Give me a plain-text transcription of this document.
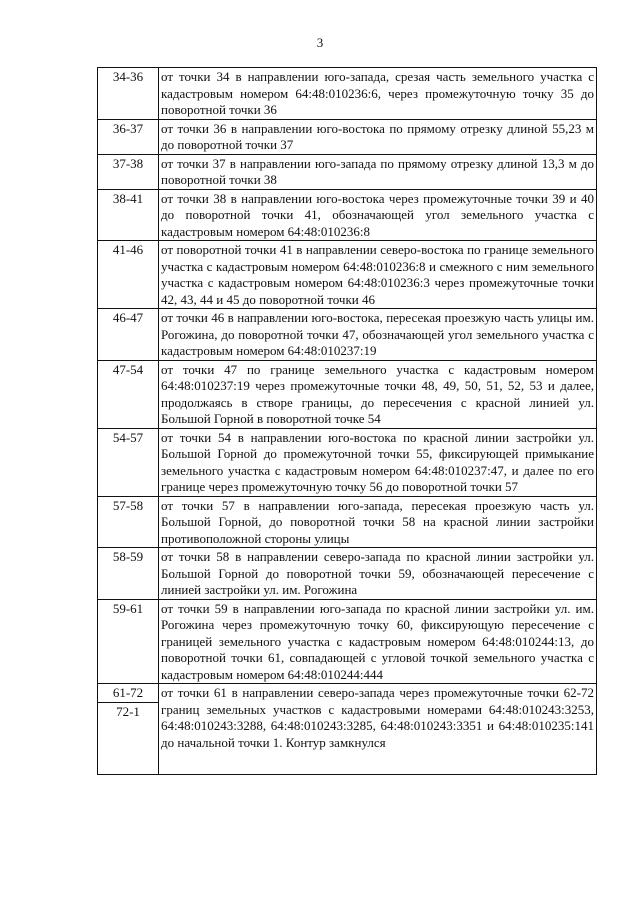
3
34-36	от точки 34 в направлении юго-запада, срезая часть земельного участка с кадастровым номером 64:48:010236:6, через промежуточную точку 35 до поворотной точки 36
36-37	от точки 36 в направлении юго-востока по прямому отрезку длиной 55,23 м до поворотной точки 37
37-38	от точки 37 в направлении юго-запада по прямому отрезку длиной 13,3 м до поворотной точки 38
38-41	от точки 38 в направлении юго-востока через промежуточные точки 39 и 40 до поворотной точки 41, обозначающей угол земельного участка с кадастровым номером 64:48:010236:8
41-46	от поворотной точки 41 в направлении северо-востока по границе земельного участка с кадастровым номером 64:48:010236:8 и смежного с ним земельного участка с кадастровым номером 64:48:010236:3 через промежуточные точки 42, 43, 44 и 45 до поворотной точки 46
46-47	от точки 46 в направлении юго-востока, пересекая проезжую часть улицы им. Рогожина, до поворотной точки 47, обозначающей угол земельного участка с кадастровым номером 64:48:010237:19
47-54	от точки 47 по границе земельного участка с кадастровым номером 64:48:010237:19 через промежуточные точки 48, 49, 50, 51, 52, 53 и далее, продолжаясь в створе границы, до пересечения с красной линией ул. Большой Горной в поворотной точке 54
54-57	от точки 54 в направлении юго-востока по красной линии застройки ул. Большой Горной до промежуточной точки 55, фиксирующей примыкание земельного участка с кадастровым номером 64:48:010237:47, и далее по его границе через промежуточную точку 56 до поворотной точки 57
57-58	от точки 57 в направлении юго-запада, пересекая проезжую часть ул. Большой Горной, до поворотной точки 58 на красной линии застройки противоположной стороны улицы
58-59	от точки 58 в направлении северо-запада по красной линии застройки ул. Большой Горной до поворотной точки 59, обозначающей пересечение с линией застройки ул. им. Рогожина
59-61	от точки 59 в направлении юго-запада по красной линии застройки ул. им. Рогожина через промежуточную точку 60, фиксирующую пересечение с границей земельного участка с кадастровым номером 64:48:010244:13, до поворотной точки 61, совпадающей с угловой точкой земельного участка с кадастровым номером 64:48:010244:444
61-72	от точки 61 в направлении северо-запада через промежуточные точки 62-72 границ земельных участков с кадастровыми номерами 64:48:010243:3253, 64:48:010243:3288, 64:48:010243:3285, 64:48:010243:3351 и 64:48:010235:141 до начальной точки 1. Контур замкнулся
72-1	
